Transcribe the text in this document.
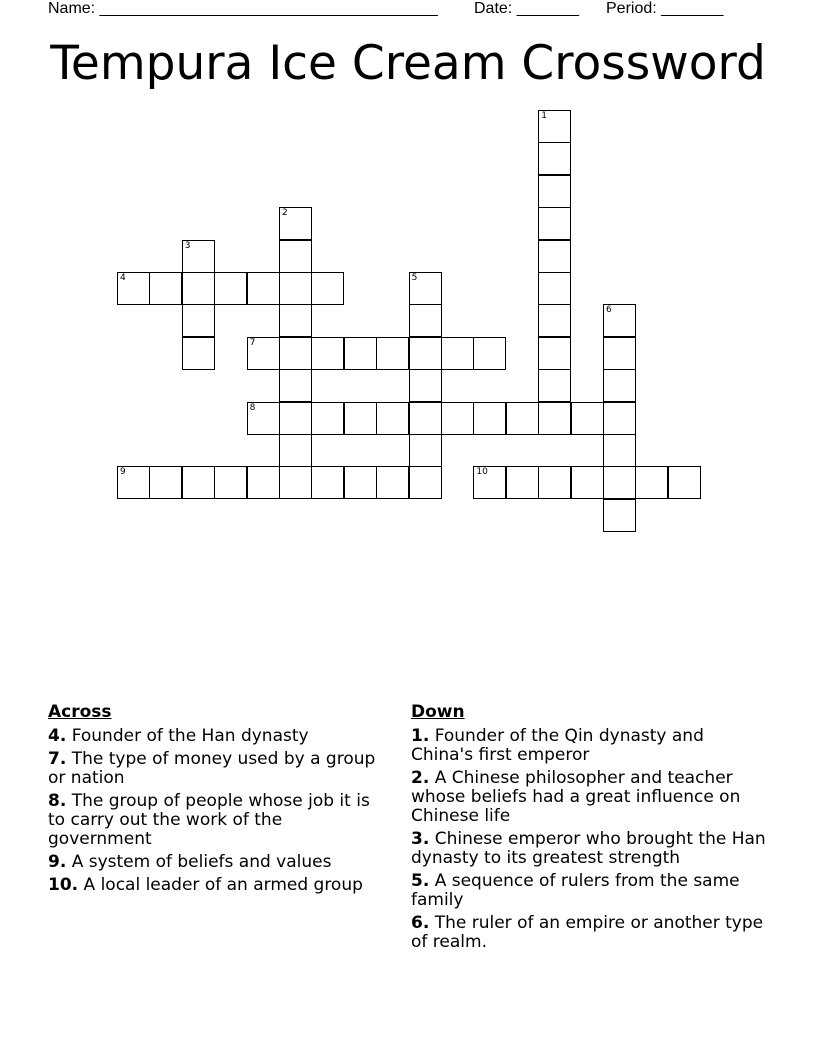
Name: ______________________________________ Date: _______ Period: _______
Tempura Ice Cream Crossword
1
2
3
4	5
6
7
8
9	10
Across
4. Founder of the Han dynasty
7. The type of money used by a group or nation
8. The group of people whose job it is to carry out the work of the government
9. A system of beliefs and values
10. A local leader of an armed group
Down
1. Founder of the Qin dynasty and China's first emperor
2. A Chinese philosopher and teacher whose beliefs had a great influence on Chinese life
3. Chinese emperor who brought the Han dynasty to its greatest strength
5. A sequence of rulers from the same family
6. The ruler of an empire or another type of realm.
